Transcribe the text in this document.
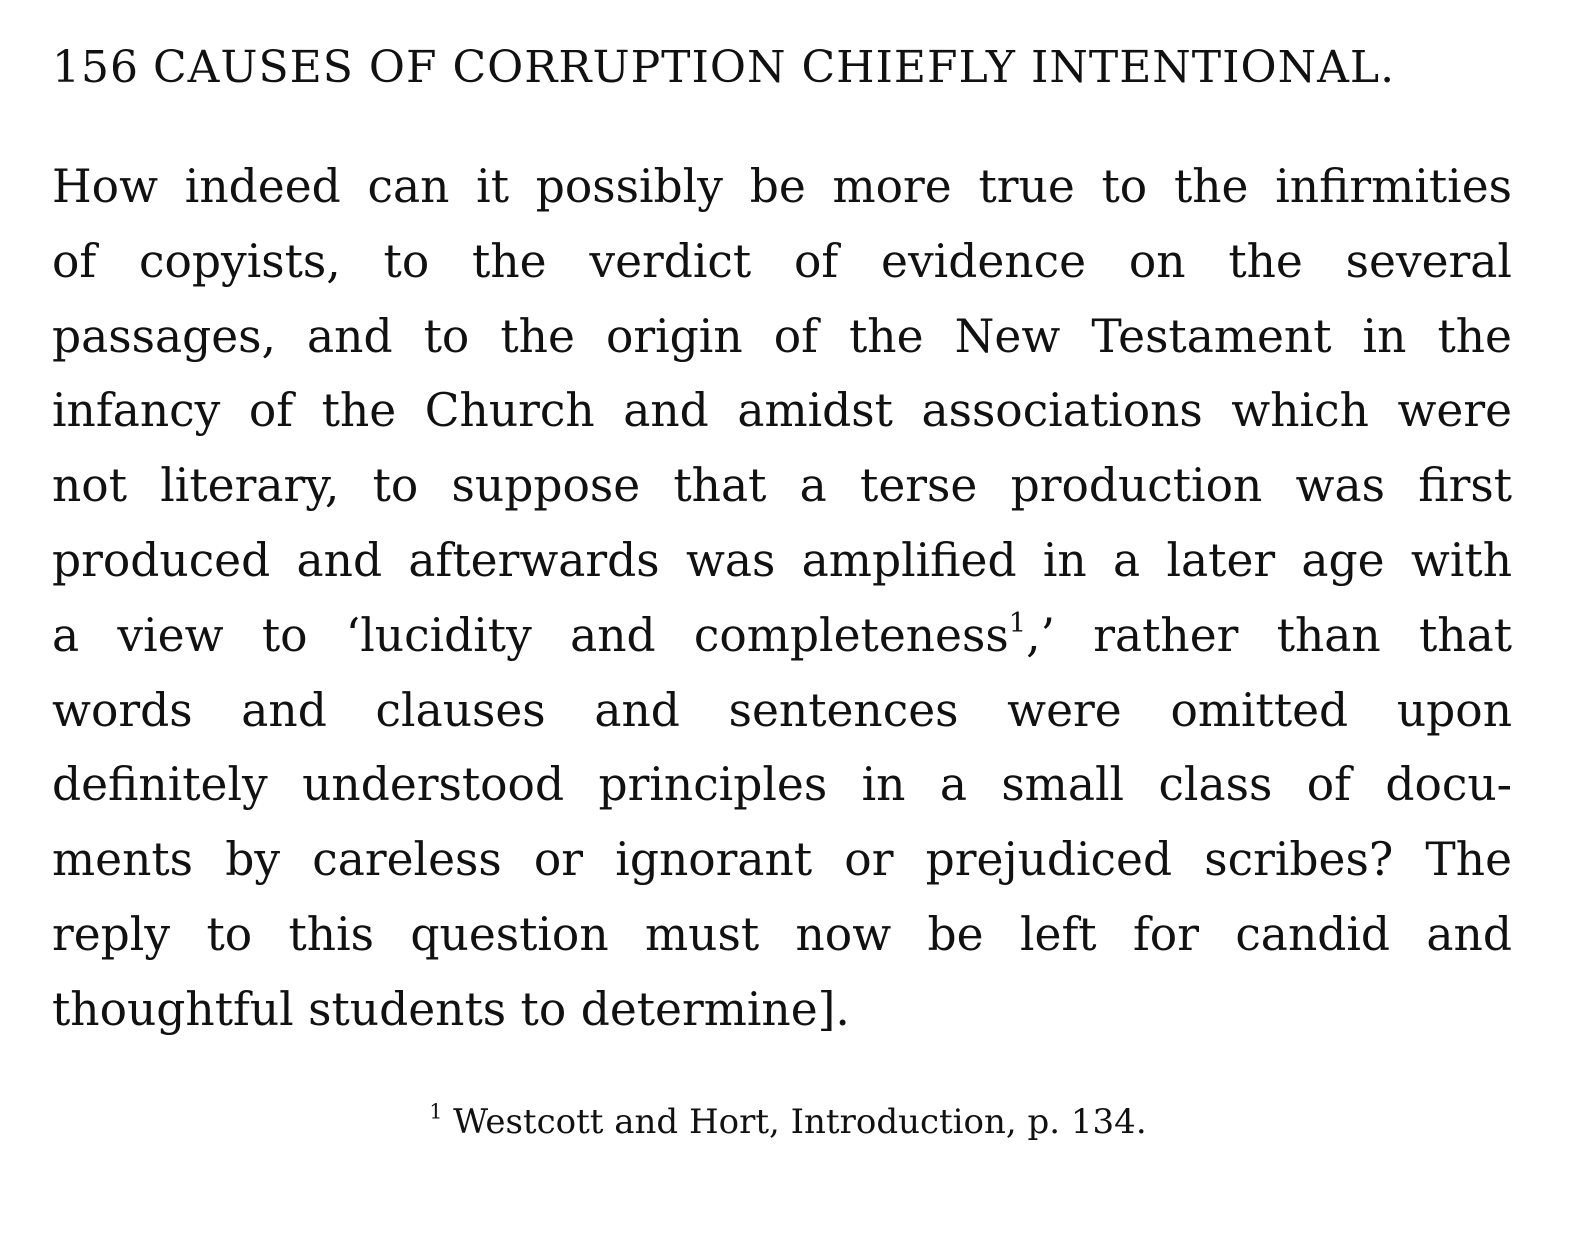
156 CAUSES OF CORRUPTION CHIEFLY INTENTIONAL.
How indeed can it possibly be more true to the infirmities
of copyists, to the verdict of evidence on the several
passages, and to the origin of the New Testament in the
infancy of the Church and amidst associations which were
not literary, to suppose that a terse production was first
produced and afterwards was amplified in a later age with
a view to ‘lucidity and completeness$^1$,’ rather than that
words and clauses and sentences were omitted upon
definitely understood principles in a small class of docu-
ments by careless or ignorant or prejudiced scribes? The
reply to this question must now be left for candid and
thoughtful students to determine].
$^1$ Westcott and Hort, Introduction, p. 134.
